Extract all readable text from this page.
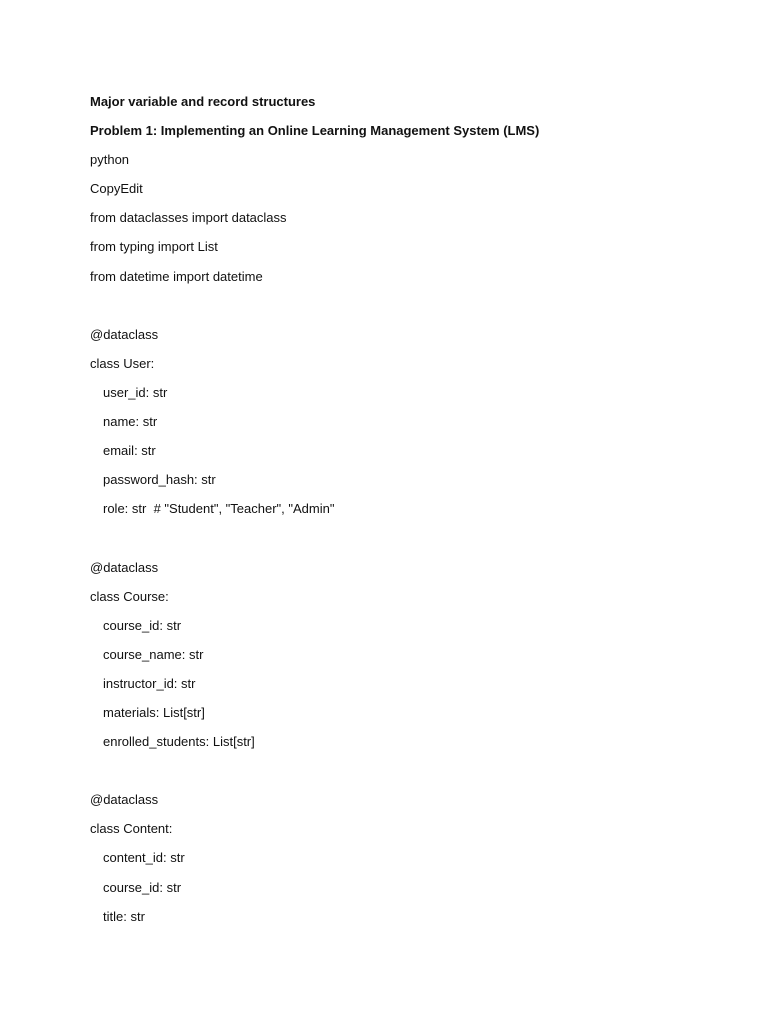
Major variable and record structures
Problem 1: Implementing an Online Learning Management System (LMS)
python
CopyEdit
from dataclasses import dataclass
from typing import List
from datetime import datetime
@dataclass
class User:
user_id: str
name: str
email: str
password_hash: str
role: str  # "Student", "Teacher", "Admin"
@dataclass
class Course:
course_id: str
course_name: str
instructor_id: str
materials: List[str]
enrolled_students: List[str]
@dataclass
class Content:
content_id: str
course_id: str
title: str
